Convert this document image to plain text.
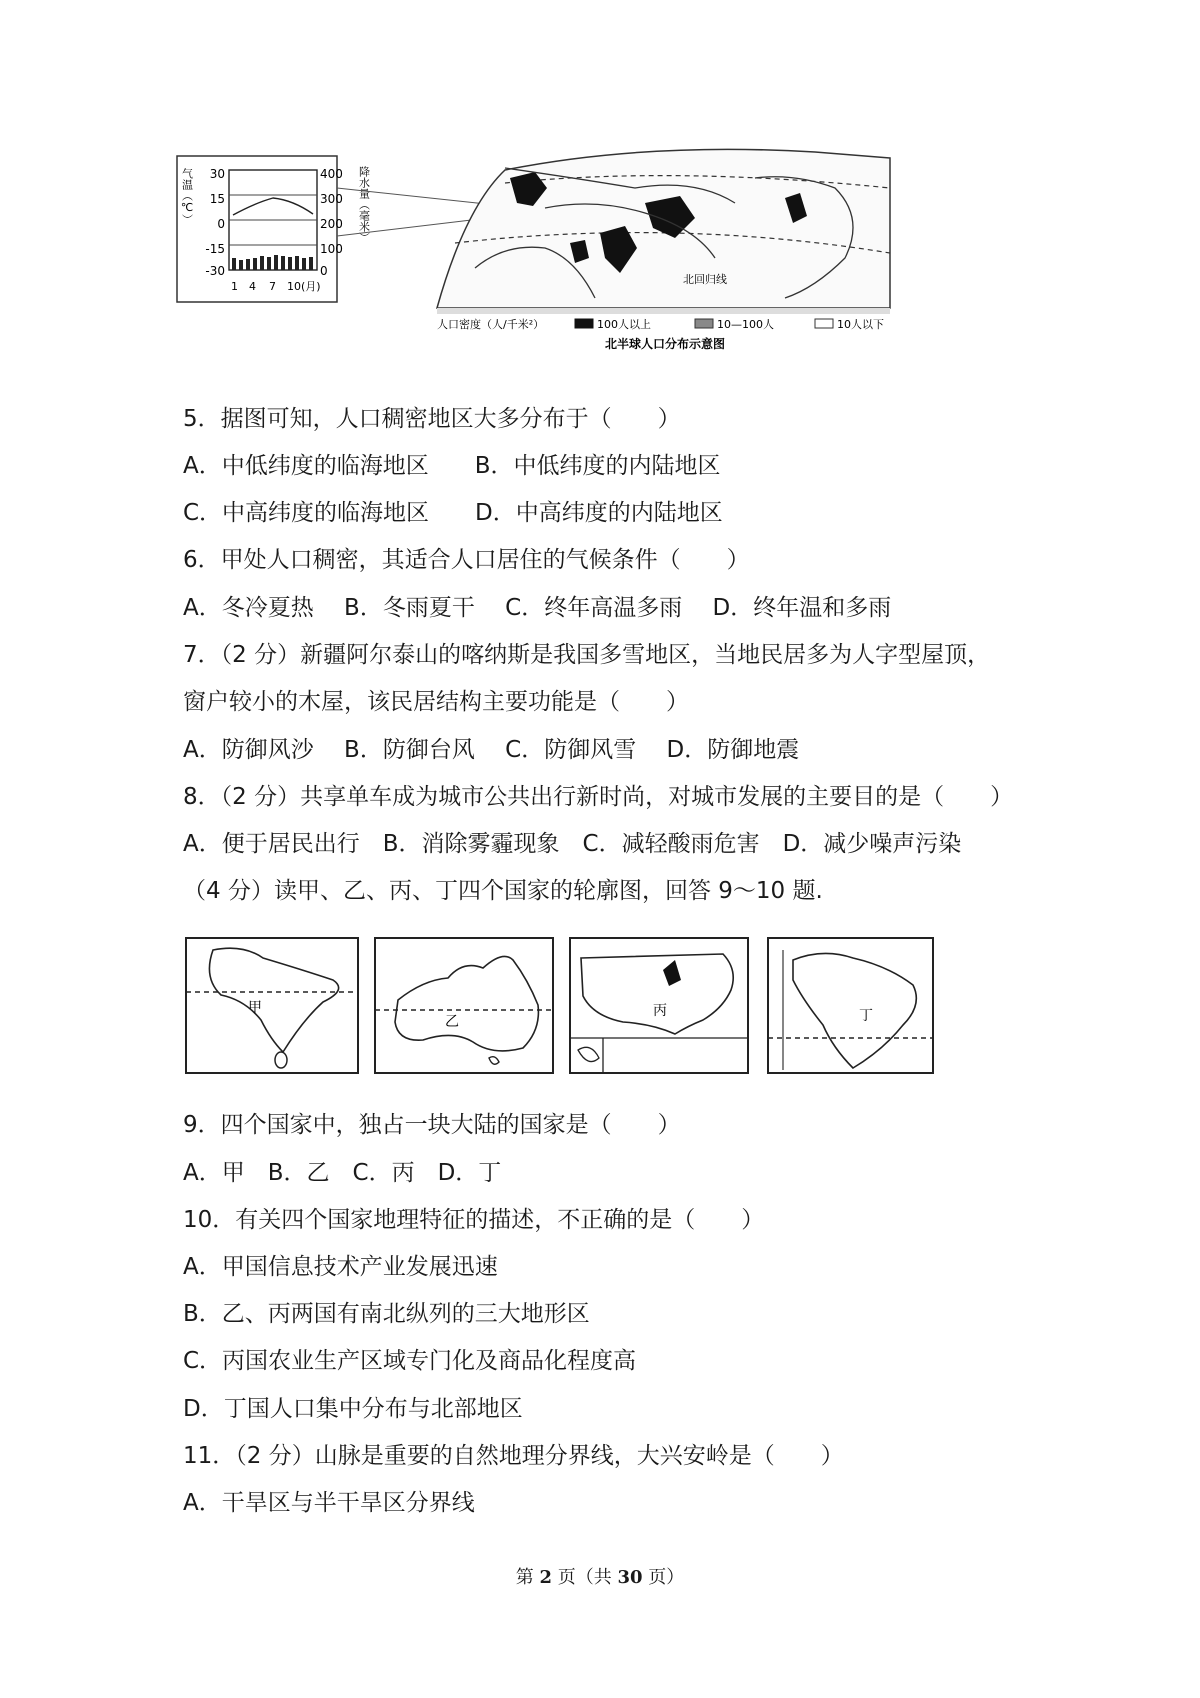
气温（℃） 30
15
0
-15
-30
400
300
200
100
0
降水量（毫米）
1 4 7 10(月)
北回归线
人口密度（人/千米²）	100人以上	10—100人	10人以下
北半球人口分布示意图
5．据图可知，人口稠密地区大多分布于（　　）
A．中低纬度的临海地区　　B．中低纬度的内陆地区
C．中高纬度的临海地区　　D．中高纬度的内陆地区
6．甲处人口稠密，其适合人口居住的气候条件（　　）
A．冬冷夏热　 B．冬雨夏干　 C．终年高温多雨　 D．终年温和多雨
7．（2 分）新疆阿尔泰山的喀纳斯是我国多雪地区，当地民居多为人字型屋顶，
窗户较小的木屋，该民居结构主要功能是（　　）
A．防御风沙　 B．防御台风　 C．防御风雪　 D．防御地震
8．（2 分）共享单车成为城市公共出行新时尚，对城市发展的主要目的是（　　）
A．便于居民出行　B．消除雾霾现象　C．减轻酸雨危害　D．减少噪声污染
（4 分）读甲、乙、丙、丁四个国家的轮廓图，回答 9～10 题.
甲
乙
丙	丁
9．四个国家中，独占一块大陆的国家是（　　）
A．甲　B．乙　C．丙　D．丁
10．有关四个国家地理特征的描述，不正确的是（　　）
A．甲国信息技术产业发展迅速
B．乙、丙两国有南北纵列的三大地形区
C．丙国农业生产区域专门化及商品化程度高
D．丁国人口集中分布与北部地区
11．（2 分）山脉是重要的自然地理分界线，大兴安岭是（　　）
A．干旱区与半干旱区分界线
第 2 页（共 30 页）
